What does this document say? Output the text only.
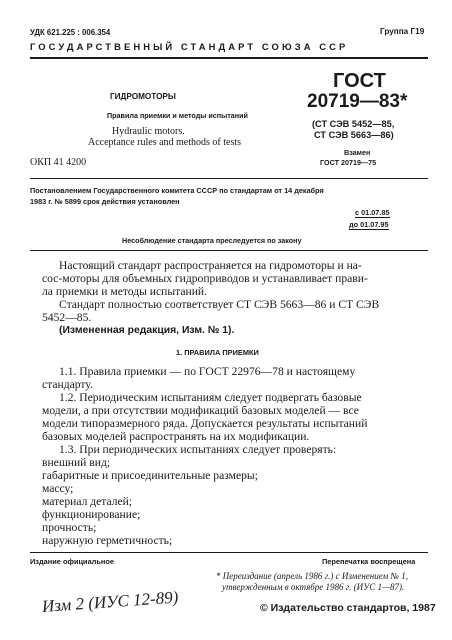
УДК 621.225 : 006.354	Группа Г19
ГОСУДАРСТВЕННЫЙ СТАНДАРТ СОЮЗА ССР
ГИДРОМОТОРЫ
Правила приемки и методы испытаний
Hydraulic motors.
Acceptance rules and methods of tests
ОКП 41 4200
ГОСТ
20719—83*
(СТ СЭВ 5452—85,
СТ СЭВ 5663—86)
Взамен
ГОСТ 20719—75
Постановлением Государственного комитета СССР по стандартам от 14 декабря
1983 г. № 5899 срок действия установлен
с 01.07.85
до 01.07.95
Несоблюдение стандарта преследуется по закону
Настоящий стандарт распространяется на гидромоторы и на-
сос-моторы для объемных гидроприводов и устанавливает прави-
ла приемки и методы испытаний.
Стандарт полностью соответствует СТ СЭВ 5663—86 и СТ СЭВ
5452—85.
(Измененная редакция, Изм. № 1).
1. ПРАВИЛА ПРИЕМКИ
1.1. Правила приемки — по ГОСТ 22976—78 и настоящему
стандарту.
1.2. Периодическим испытаниям следует подвергать базовые
модели, а при отсутствии модификаций базовых моделей — все
модели типоразмерного ряда. Допускается результаты испытаний
базовых моделей распространять на их модификации.
1.3. При периодических испытаниях следует проверять:
внешний вид;
габаритные и присоединительные размеры;
массу;
материал деталей;
функционирование;
прочность;
наружную герметичность;
Издание официальное	Перепечатка воспрещена
* Переиздание (апрель 1986 г.) с Изменением № 1,
утвержденным в октябре 1986 г. (ИУС 1—87).
Изм 2 (ИУС 12-89)	© Издательство стандартов, 1987
